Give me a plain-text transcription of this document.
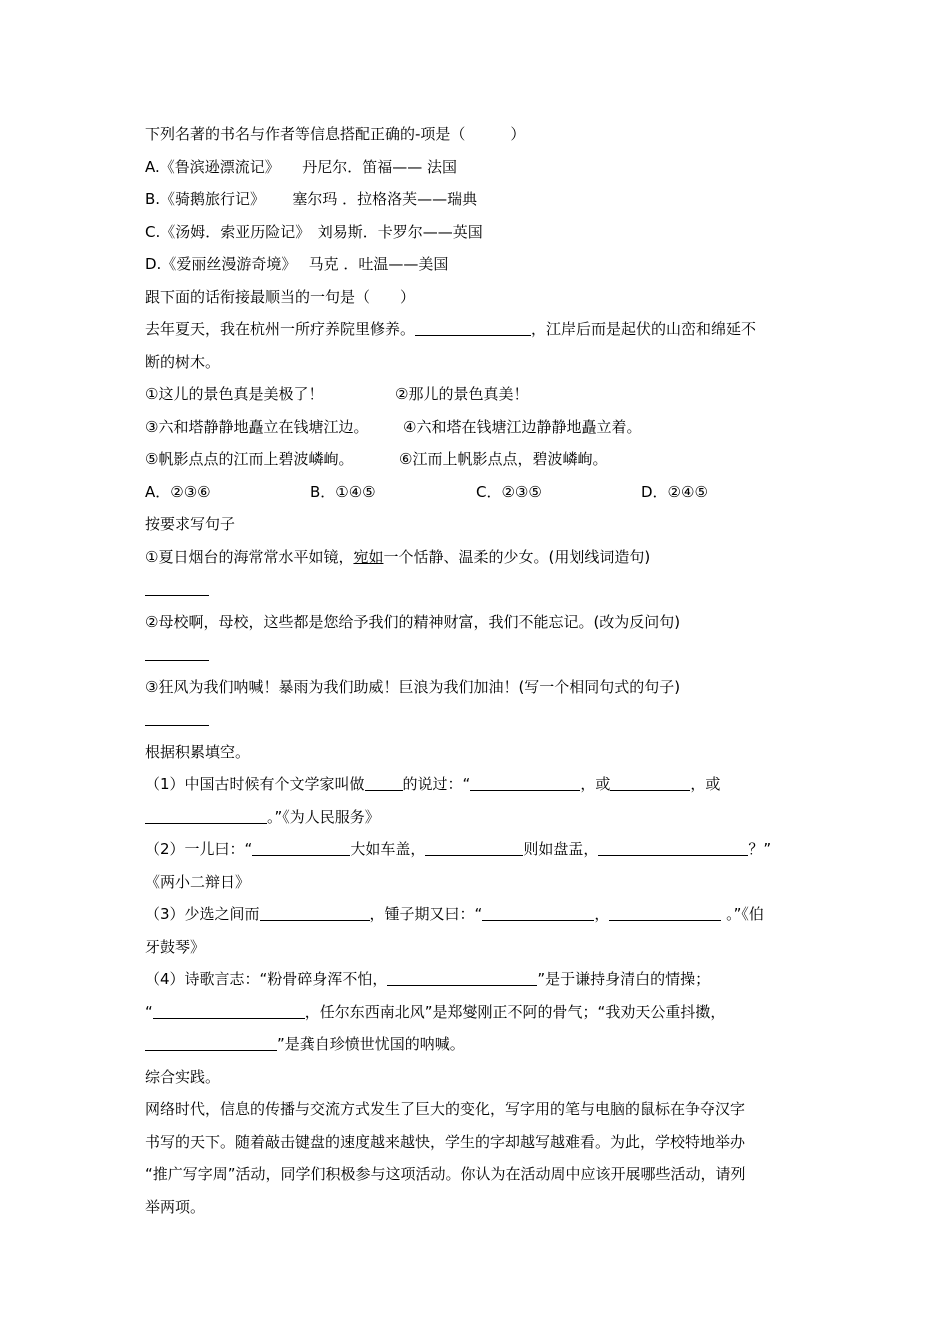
下列名著的书名与作者等信息搭配正确的-项是（　　　）
A.《鲁滨逊漂流记》　　丹尼尔．笛福—— 法国
B.《骑鹅旅行记》　　 塞尔玛 ．拉格洛芙——瑞典
C.《汤姆．索亚历险记》　刘易斯．卡罗尔——英国
D.《爱丽丝漫游奇境》　 马克 ．吐温——美国
跟下面的话衔接最顺当的一句是（　　）
去年夏天，我在杭州一所疗养院里修养。	，江岸后而是起伏的山峦和绵延不
断的树木。
①这儿的景色真是美极了！	②那儿的景色真美！
③六和塔静静地矗立在钱塘江边。 ④六和塔在钱塘江边静静地矗立着。
⑤帆影点点的江而上碧波嶙峋。	⑥江而上帆影点点，碧波嶙峋。
A．②③⑥	B．①④⑤	C．②③⑤	D．②④⑤
按要求写句子
①夏日烟台的海常常水平如镜，宛如一个恬静、温柔的少女。(用划线词造句)
②母校啊，母校，这些都是您给予我们的精神财富，我们不能忘记。(改为反问句)
③狂风为我们呐喊！暴雨为我们助威！巨浪为我们加油！(写一个相同句式的句子)
根据积累填空。
（1）中国古时候有个文学家叫做	的说过：“	，或	，或
。”《为人民服务》
（2）一儿曰：“	大如车盖，	则如盘盂，	？”
《两小二辩日》
（3）少选之间而	，锺子期又曰：“	，	。”《伯
牙鼓琴》
（4）诗歌言志：“粉骨碎身浑不怕，	”是于谦持身清白的情操；
“	，任尔东西南北风”是郑燮刚正不阿的骨气；“我劝天公重抖擞，
”是龚自珍愤世忧国的呐喊。
综合实践。
网络时代，信息的传播与交流方式发生了巨大的变化，写字用的笔与电脑的鼠标在争夺汉字
书写的天下。随着敲击键盘的速度越来越快，学生的字却越写越难看。为此，学校特地举办
“推广写字周”活动，同学们积极参与这项活动。你认为在活动周中应该开展哪些活动，请列
举两项。
